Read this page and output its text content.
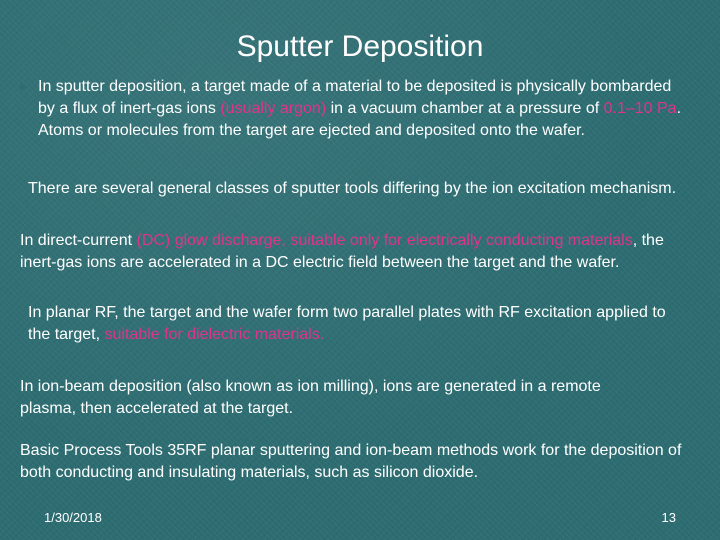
Sputter Deposition

In sputter deposition, a target made of a material to be deposited is physically bombarded by a flux of inert-gas ions (usually argon) in a vacuum chamber at a pressure of 0.1–10 Pa. Atoms or molecules from the target are ejected and deposited onto the wafer.

There are several general classes of sputter tools differing by the ion excitation mechanism.

In direct-current (DC) glow discharge, suitable only for electrically conducting materials, the inert-gas ions are accelerated in a DC electric field between the target and the wafer.

In planar RF, the target and the wafer form two parallel plates with RF excitation applied to the target, suitable for dielectric materials.

In ion-beam deposition (also known as ion milling), ions are generated in a remote plasma, then accelerated at the target.

Basic Process Tools 35RF planar sputtering and ion-beam methods work for the deposition of both conducting and insulating materials, such as silicon dioxide.

1/30/2018	13
